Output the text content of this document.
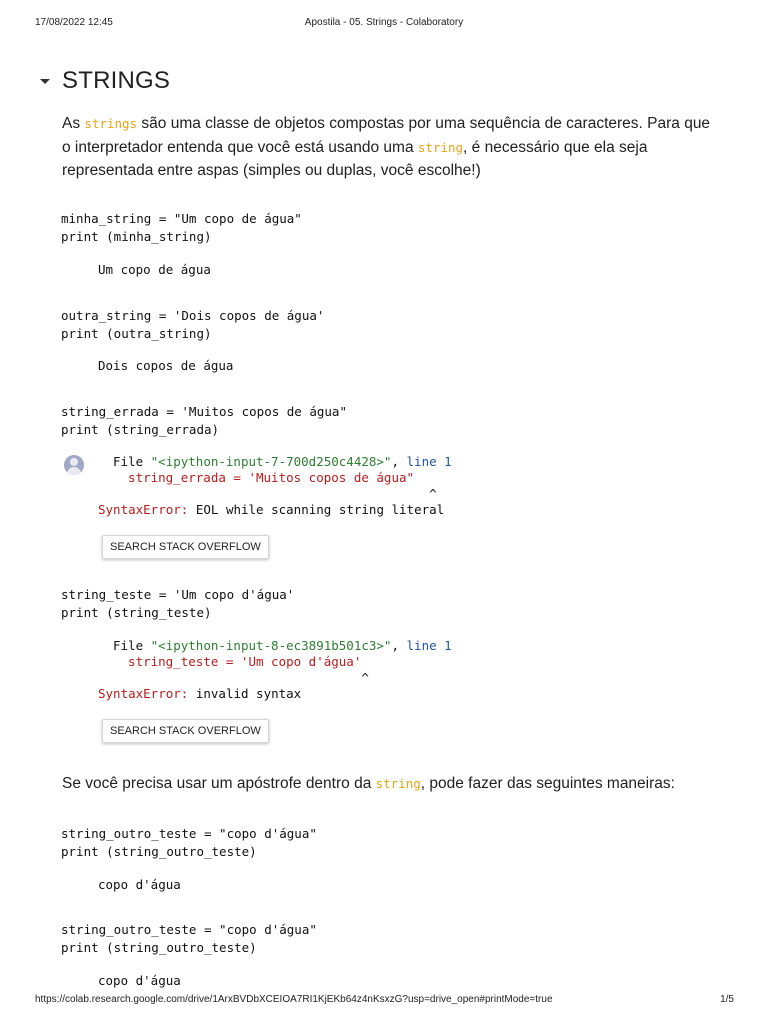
17/08/2022 12:45	Apostila - 05. Strings - Colaboratory
STRINGS
As strings são uma classe de objetos compostas por uma sequência de caracteres. Para que o interpretador entenda que você está usando uma string, é necessário que ela seja representada entre aspas (simples ou duplas, você escolhe!)
minha_string = "Um copo de água"
print (minha_string)
Um copo de água
outra_string = 'Dois copos de água'
print (outra_string)
Dois copos de água
string_errada = 'Muitos copos de água"
print (string_errada)
File "<ipython-input-7-700d250c4428>", line 1
string_errada = 'Muitos copos de água"
^
SyntaxError: EOL while scanning string literal
SEARCH STACK OVERFLOW
string_teste = 'Um copo d'água'
print (string_teste)
File "<ipython-input-8-ec3891b501c3>", line 1
string_teste = 'Um copo d'água'
^
SyntaxError: invalid syntax
SEARCH STACK OVERFLOW
Se você precisa usar um apóstrofe dentro da string, pode fazer das seguintes maneiras:
string_outro_teste = "copo d'água"
print (string_outro_teste)
copo d'água
string_outro_teste = "copo d'água"
print (string_outro_teste)
copo d'água
https://colab.research.google.com/drive/1ArxBVDbXCEIOA7RI1KjEKb64z4nKsxzG?usp=drive_open#printMode=true	1/5
